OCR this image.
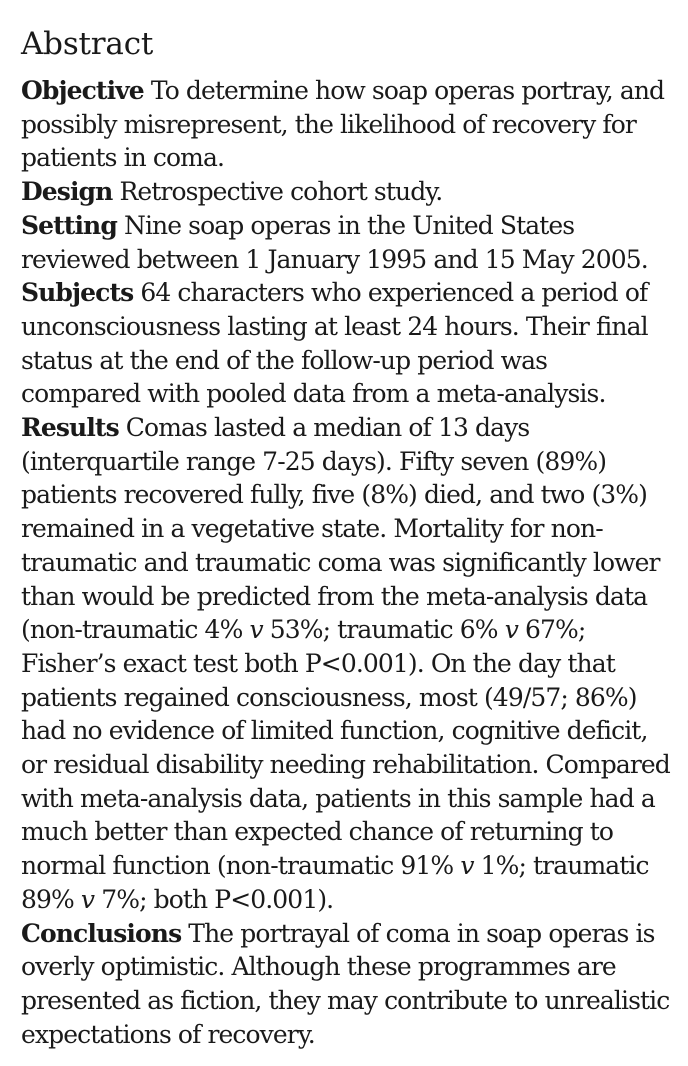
Abstract

Objective To determine how soap operas portray, and possibly misrepresent, the likelihood of recovery for patients in coma.

Design Retrospective cohort study.

Setting Nine soap operas in the United States reviewed between 1 January 1995 and 15 May 2005.

Subjects 64 characters who experienced a period of unconsciousness lasting at least 24 hours. Their final status at the end of the follow-up period was compared with pooled data from a meta-analysis.

Results Comas lasted a median of 13 days (interquartile range 7-25 days). Fifty seven (89%) patients recovered fully, five (8%) died, and two (3%) remained in a vegetative state. Mortality for non-traumatic and traumatic coma was significantly lower than would be predicted from the meta-analysis data (non-traumatic 4% v 53%; traumatic 6% v 67%; Fisher’s exact test both P<0.001). On the day that patients regained consciousness, most (49/57; 86%) had no evidence of limited function, cognitive deficit, or residual disability needing rehabilitation. Compared with meta-analysis data, patients in this sample had a much better than expected chance of returning to normal function (non-traumatic 91% v 1%; traumatic 89% v 7%; both P<0.001).

Conclusions The portrayal of coma in soap operas is overly optimistic. Although these programmes are presented as fiction, they may contribute to unrealistic expectations of recovery.
